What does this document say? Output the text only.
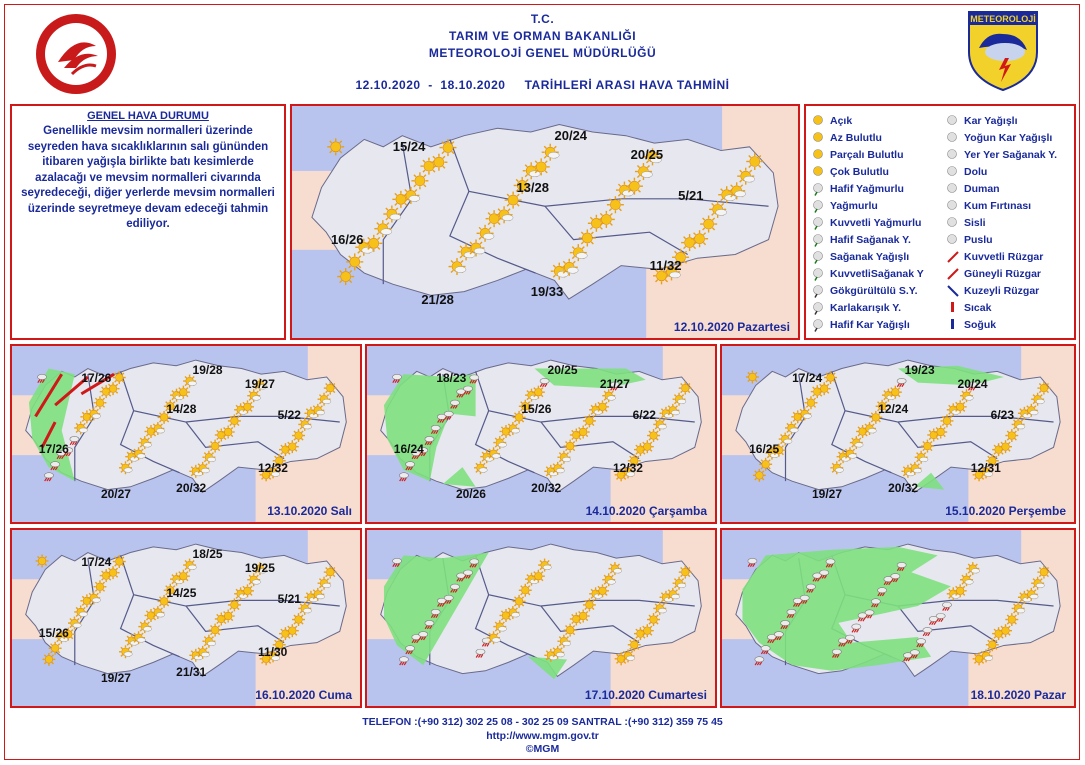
T.C.
TARIM VE ORMAN BAKANLIĞI
METEOROLOJİ GENEL MÜDÜRLÜĞÜ
12.10.2020  -  18.10.2020     TARİHLERİ ARASI HAVA TAHMİNİ
METEOROLOJİ
GENEL HAVA DURUMU
Genellikle mevsim normalleri üzerinde seyreden hava sıcaklıklarının salı gününden itibaren yağışla birlikte batı kesimlerde azalacağı ve mevsim normalleri civarında seyredeceği, diğer yerlerde mevsim normalleri üzerinde seyretmeye devam edeceği tahmin ediliyor.
15/24
20/24
20/25
13/28	5/21
16/26
11/32
19/33
21/28
12.10.2020 Pazartesi
17/26
19/28
19/27
14/28	5/22
17/26
12/32
20/32
20/27
13.10.2020 Salı
18/23
20/25
21/27
15/26	6/22
16/24
12/32
20/32
20/26
14.10.2020 Çarşamba
17/24
19/23
20/24
12/24	6/23
16/25
12/31
20/32
19/27
15.10.2020 Perşembe
17/24
18/25
19/25
14/25	5/21
15/26
11/30
21/31
19/27
16.10.2020 Cuma	17.10.2020 Cumartesi	18.10.2020 Pazar
Açık
Az Bulutlu
Parçalı Bulutlu
Çok Bulutlu
Hafif Yağmurlu
Yağmurlu
Kuvvetli Yağmurlu
Hafif Sağanak Y.
Sağanak Yağışlı
KuvvetliSağanak Y
Gökgürültülü S.Y.
Karlakarışık Y.
Hafif Kar Yağışlı
Kar Yağışlı
Yoğun Kar Yağışlı
Yer Yer Sağanak Y.
Dolu
Duman
Kum Fırtınası
Sisli
Puslu
Kuvvetli Rüzgar
Güneyli Rüzgar
Kuzeyli Rüzgar
Sıcak
Soğuk
TELEFON :(+90 312) 302 25 08 - 302 25 09 SANTRAL :(+90 312) 359 75 45
http://www.mgm.gov.tr
©MGM
